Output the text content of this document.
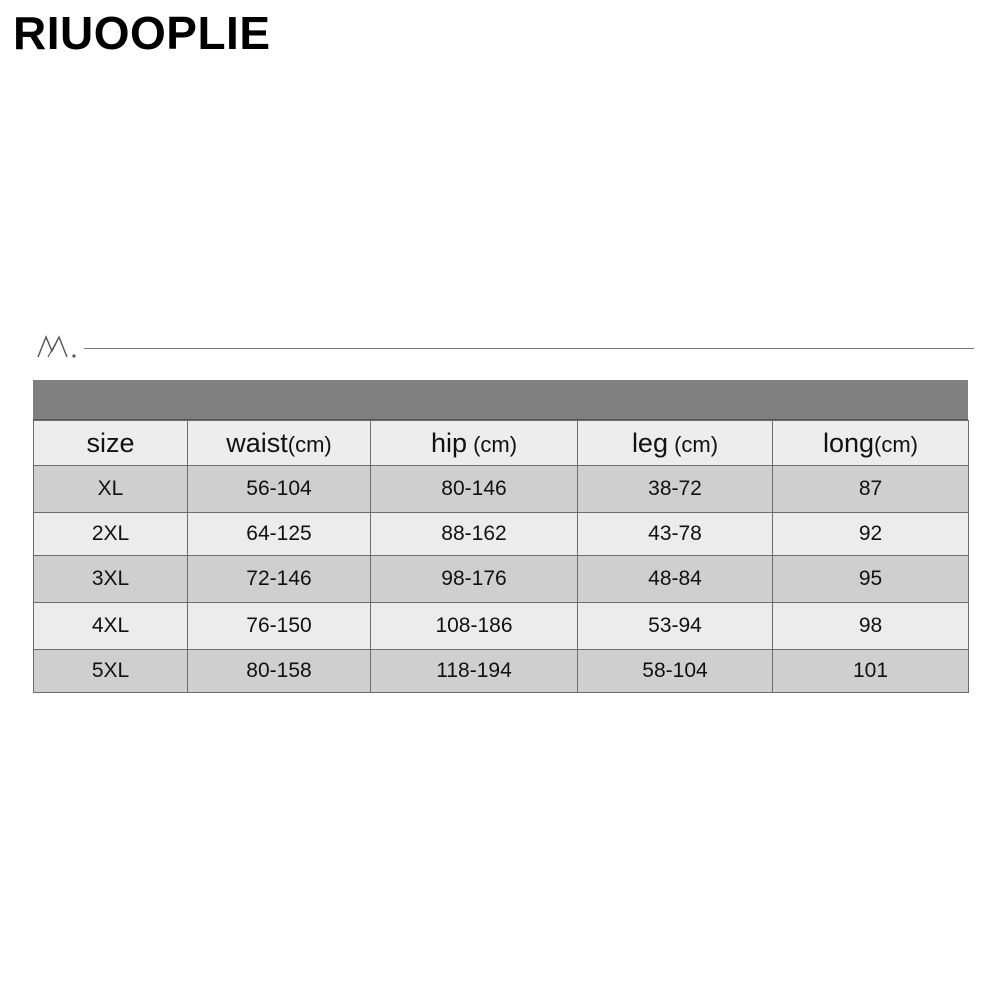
RIUOOPLIE
size	waist(cm)	hip (cm)	leg (cm)	long(cm)
XL	56-104	80-146	38-72	87
2XL	64-125	88-162	43-78	92
3XL	72-146	98-176	48-84	95
4XL	76-150	108-186	53-94	98
5XL	80-158	118-194	58-104	101
